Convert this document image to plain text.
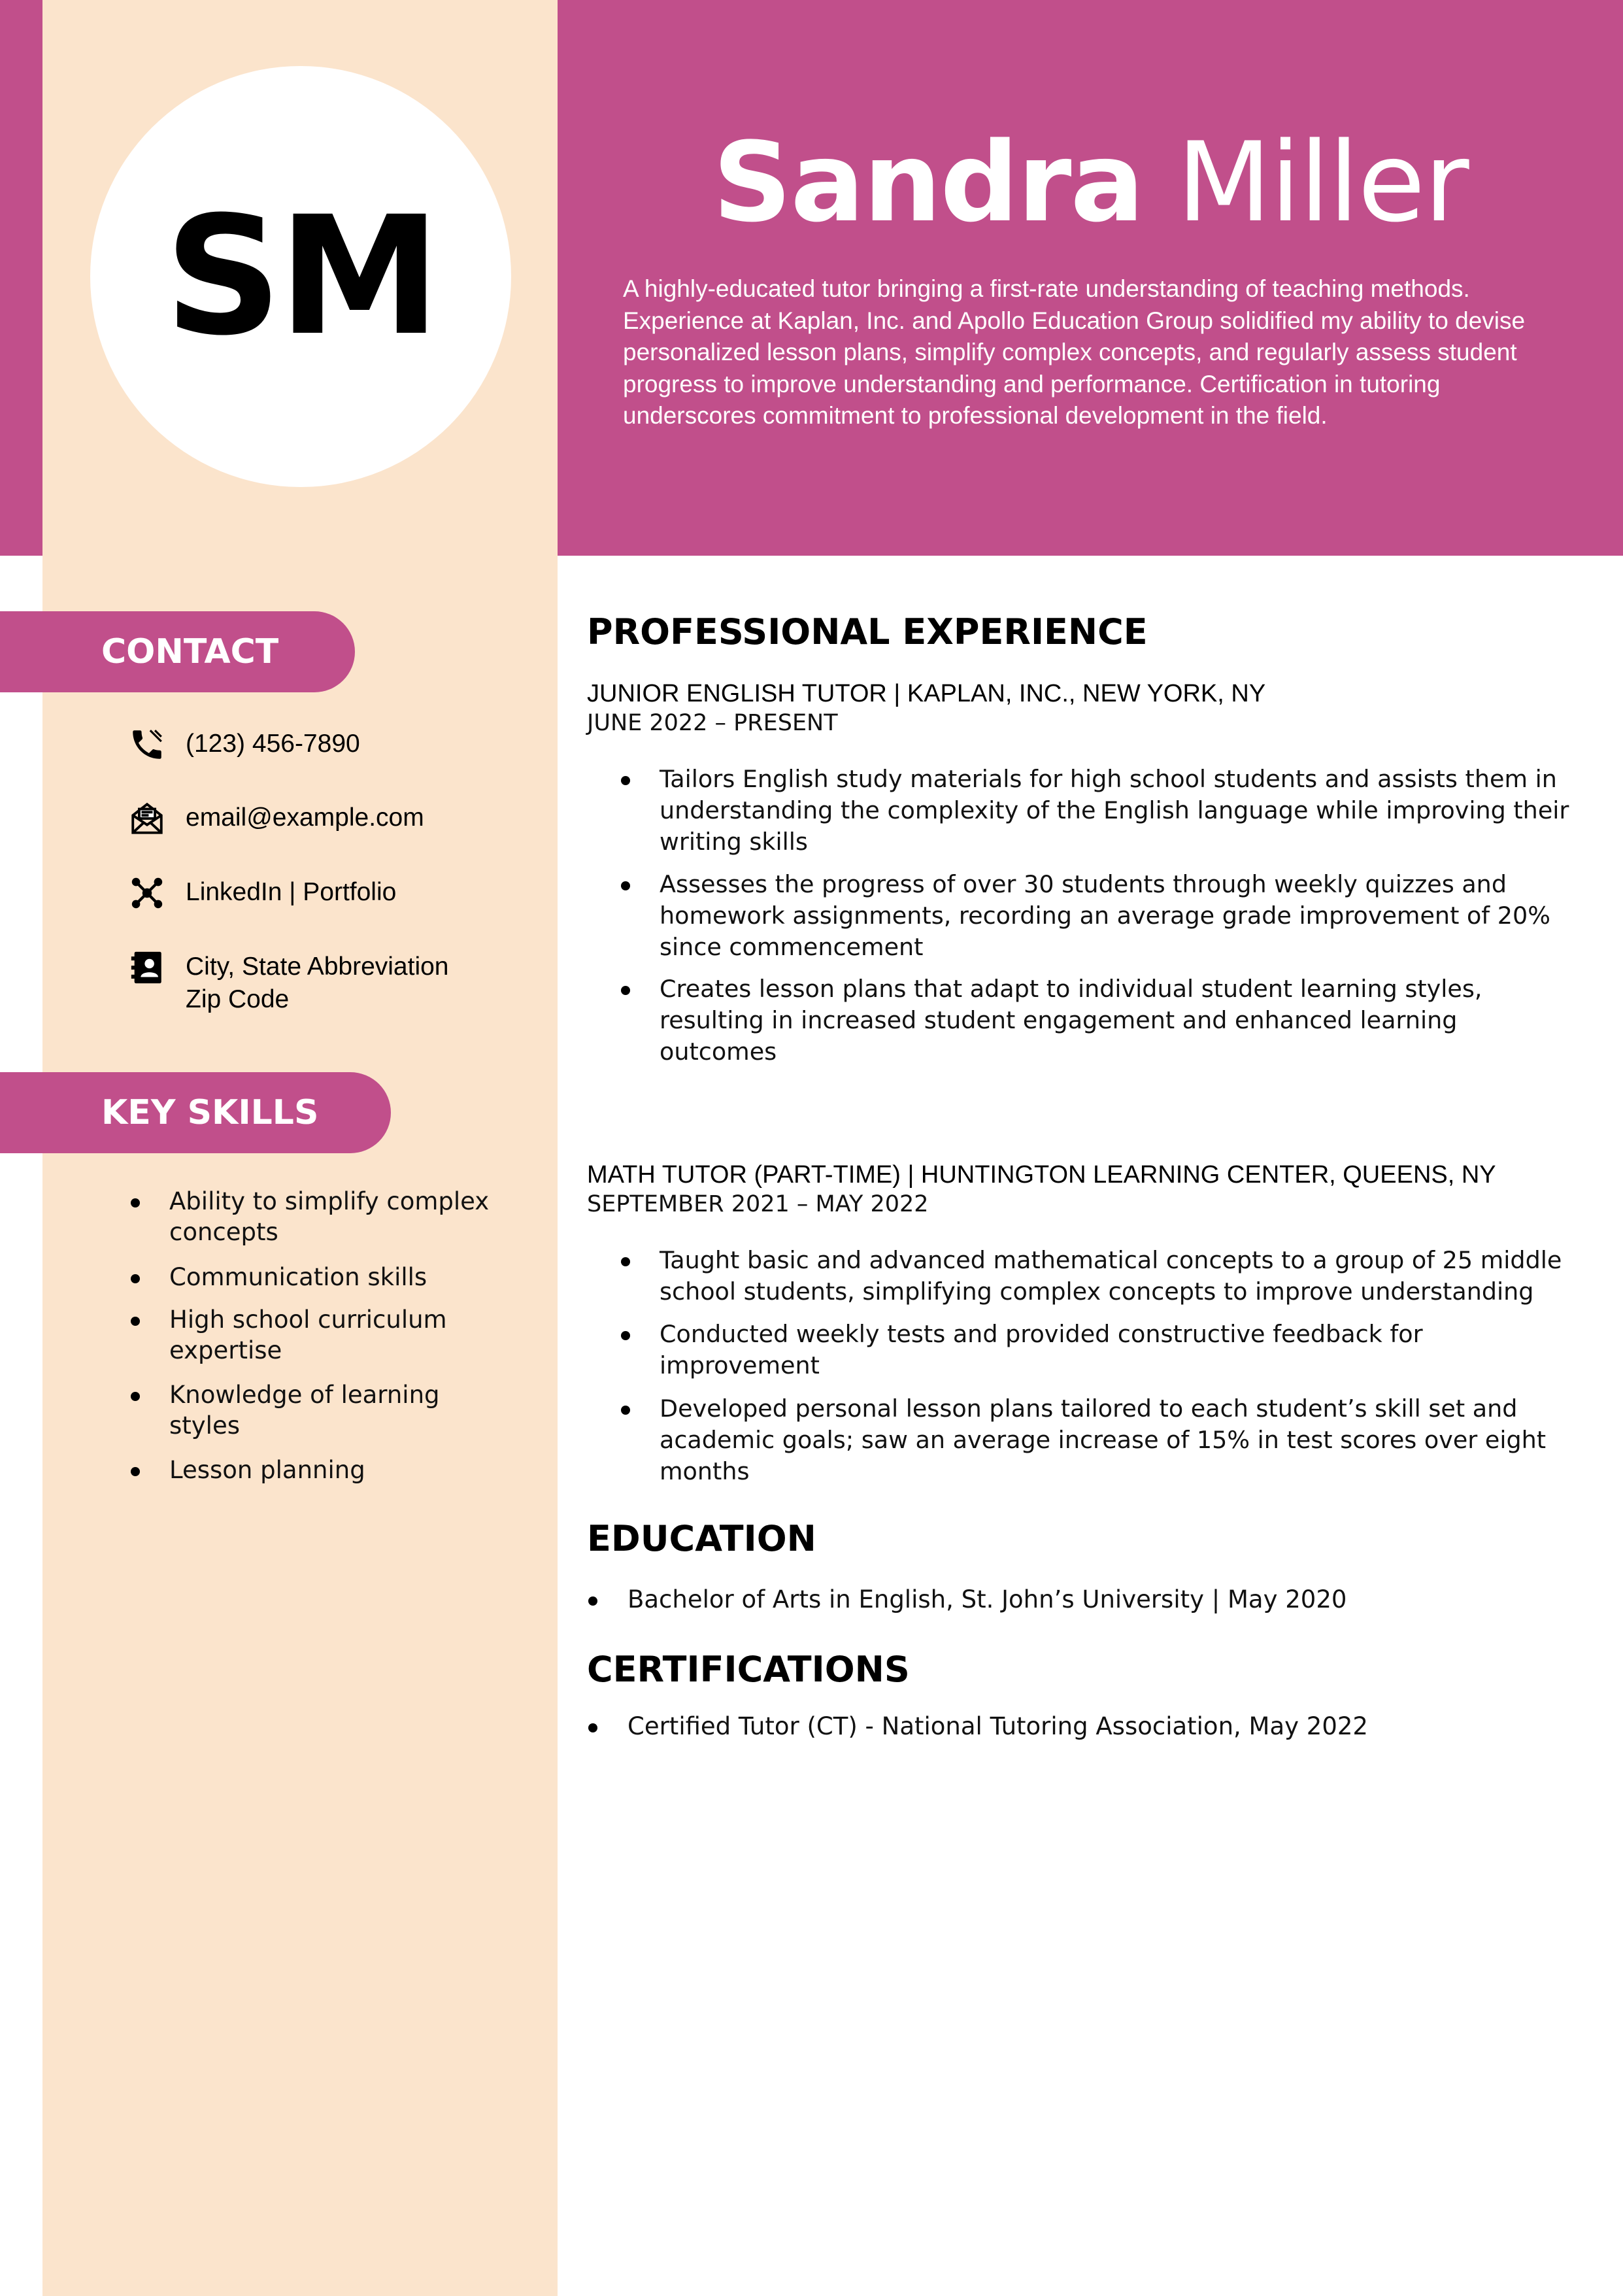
SM	Sandra Miller

A highly-educated tutor bringing a first-rate understanding of teaching methods.
Experience at Kaplan, Inc. and Apollo Education Group solidified my ability to devise
personalized lesson plans, simplify complex concepts, and regularly assess student
progress to improve understanding and performance. Certification in tutoring
underscores commitment to professional development in the field.

CONTACT
(123) 456-7890
email@example.com
LinkedIn | Portfolio
City, State Abbreviation
Zip Code
KEY SKILLS
Ability to simplify complex concepts
Communication skills
High school curriculum expertise
Knowledge of learning styles
Lesson planning
PROFESSIONAL EXPERIENCE
JUNIOR ENGLISH TUTOR | KAPLAN, INC., NEW YORK, NY
JUNE 2022 – PRESENT
Tailors English study materials for high school students and assists them in understanding the complexity of the English language while improving their writing skills
Assesses the progress of over 30 students through weekly quizzes and homework assignments, recording an average grade improvement of 20% since commencement
Creates lesson plans that adapt to individual student learning styles, resulting in increased student engagement and enhanced learning outcomes
MATH TUTOR (PART-TIME) | HUNTINGTON LEARNING CENTER, QUEENS, NY
SEPTEMBER 2021 – MAY 2022
Taught basic and advanced mathematical concepts to a group of 25 middle school students, simplifying complex concepts to improve understanding
Conducted weekly tests and provided constructive feedback for improvement
Developed personal lesson plans tailored to each student’s skill set and academic goals; saw an average increase of 15% in test scores over eight months
EDUCATION
Bachelor of Arts in English, St. John’s University | May 2020
CERTIFICATIONS
Certified Tutor (CT) - National Tutoring Association, May 2022
